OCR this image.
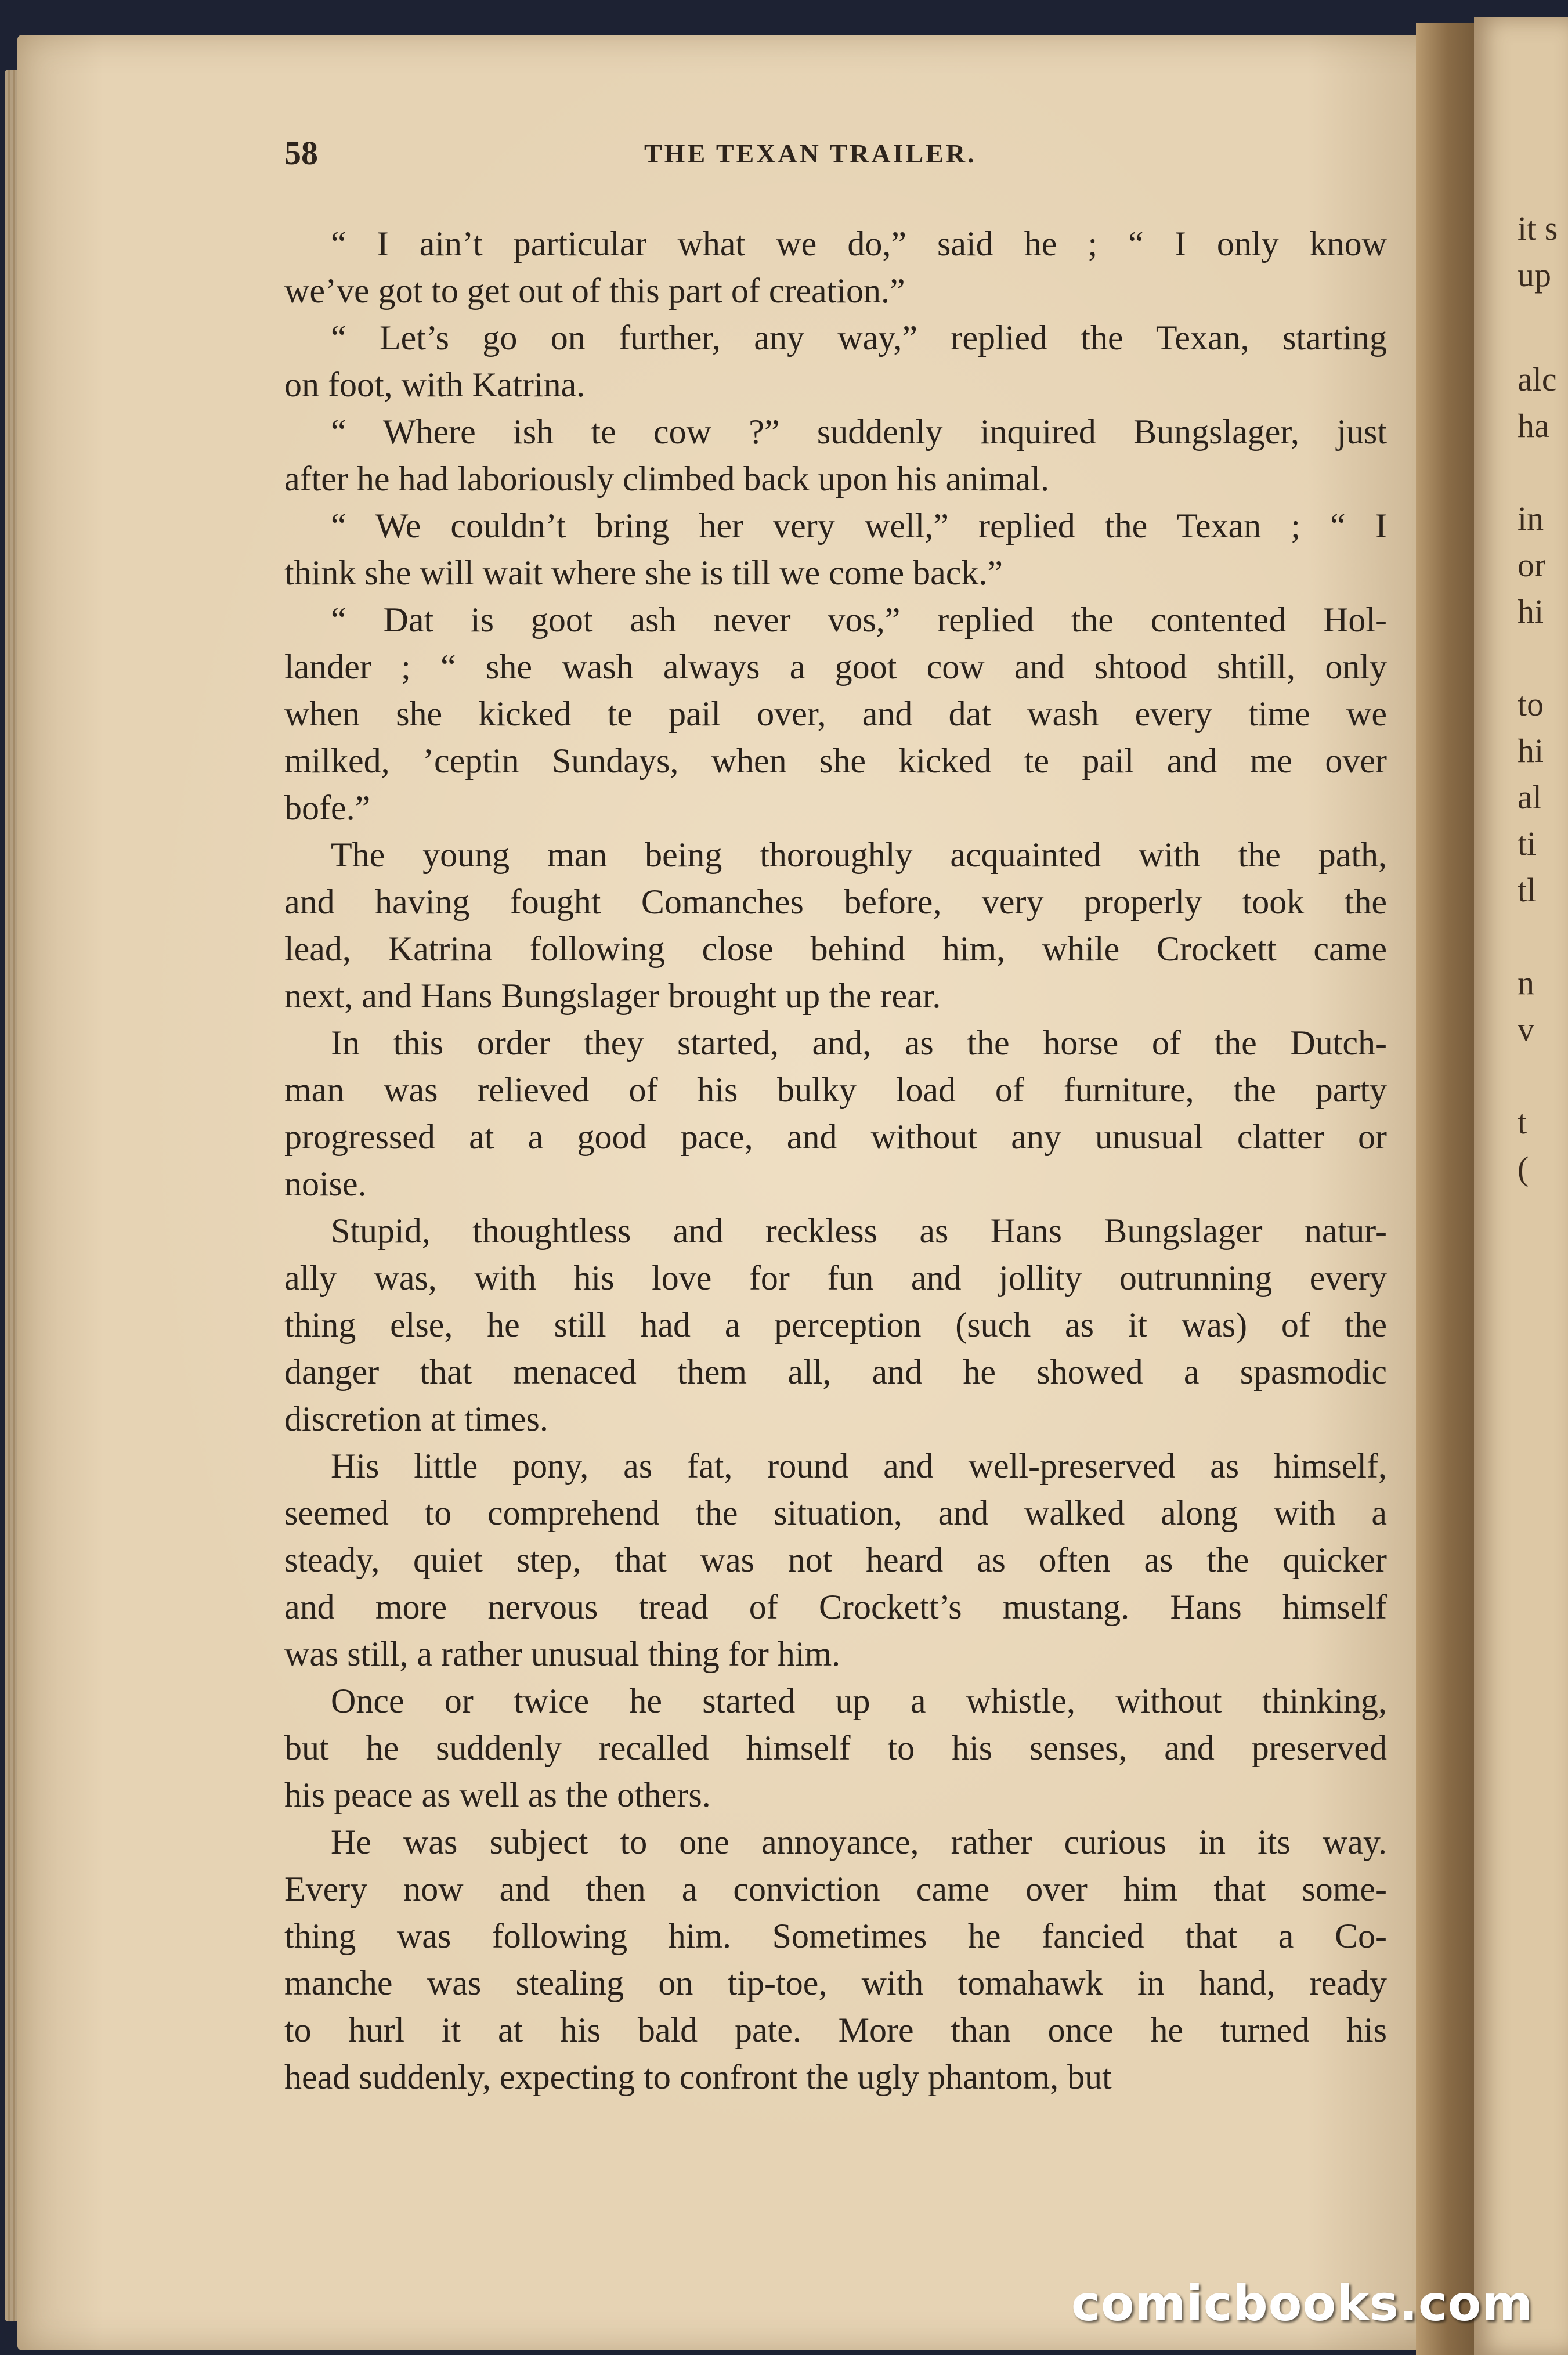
it s
up
alc
ha
in
or
hi
to
hi
al
ti
tl
n
v
t
(
58	THE TEXAN TRAILER.
“ I ain’t particular what we do,” said he ; “ I only know
we’ve got to get out of this part of creation.”
“ Let’s go on further, any way,” replied the Texan, starting
on foot, with Katrina.
“ Where ish te cow ?” suddenly inquired Bungslager, just
after he had laboriously climbed back upon his animal.
“ We couldn’t bring her very well,” replied the Texan ; “ I
think she will wait where she is till we come back.”
“ Dat is goot ash never vos,” replied the contented Hol-
lander ; “ she wash always a goot cow and shtood shtill, only
when she kicked te pail over, and dat wash every time we
milked, ’ceptin Sundays, when she kicked te pail and me over
bofe.”
The young man being thoroughly acquainted with the path,
and having fought Comanches before, very properly took the
lead, Katrina following close behind him, while Crockett came
next, and Hans Bungslager brought up the rear.
In this order they started, and, as the horse of the Dutch-
man was relieved of his bulky load of furniture, the party
progressed at a good pace, and without any unusual clatter or
noise.
Stupid, thoughtless and reckless as Hans Bungslager natur-
ally was, with his love for fun and jollity outrunning every
thing else, he still had a perception (such as it was) of the
danger that menaced them all, and he showed a spasmodic
discretion at times.
His little pony, as fat, round and well-preserved as himself,
seemed to comprehend the situation, and walked along with a
steady, quiet step, that was not heard as often as the quicker
and more nervous tread of Crockett’s mustang. Hans himself
was still, a rather unusual thing for him.
Once or twice he started up a whistle, without thinking,
but he suddenly recalled himself to his senses, and preserved
his peace as well as the others.
He was subject to one annoyance, rather curious in its way.
Every now and then a conviction came over him that some-
thing was following him. Sometimes he fancied that a Co-
manche was stealing on tip-toe, with tomahawk in hand, ready
to hurl it at his bald pate. More than once he turned his
head suddenly, expecting to confront the ugly phantom, but
comicbooks.com
